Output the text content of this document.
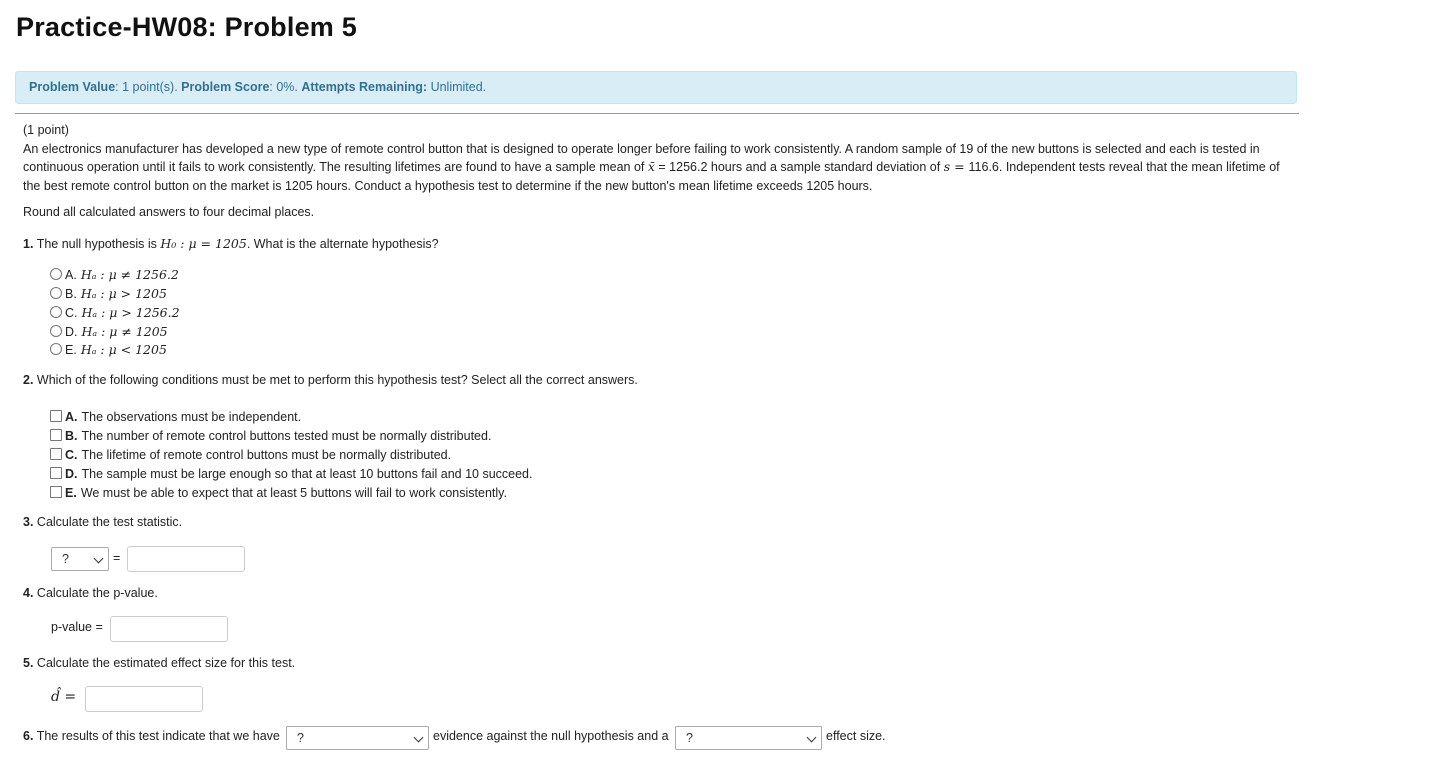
Practice-HW08: Problem 5
Problem Value: 1 point(s). Problem Score: 0%. Attempts Remaining: Unlimited.

(1 point)

An electronics manufacturer has developed a new type of remote control button that is designed to operate longer before failing to work consistently. A random sample of 19 of the new buttons is selected and each is tested in continuous operation until it fails to work consistently. The resulting lifetimes are found to have a sample mean of x̄ = 1256.2 hours and a sample standard deviation of s = 116.6. Independent tests reveal that the mean lifetime of the best remote control button on the market is 1205 hours. Conduct a hypothesis test to determine if the new button's mean lifetime exceeds 1205 hours.

Round all calculated answers to four decimal places.
1. The null hypothesis is H₀ : μ = 1205. What is the alternate hypothesis?
A. Hₐ : μ ≠ 1256.2
B. Hₐ : μ > 1205
C. Hₐ : μ > 1256.2
D. Hₐ : μ ≠ 1205
E. Hₐ : μ < 1205
2. Which of the following conditions must be met to perform this hypothesis test? Select all the correct answers.
A. The observations must be independent.
B. The number of remote control buttons tested must be normally distributed.
C. The lifetime of remote control buttons must be normally distributed.
D. The sample must be large enough so that at least 10 buttons fail and 10 succeed.
E. We must be able to expect that at least 5 buttons will fail to work consistently.
3. Calculate the test statistic.
?	=
4. Calculate the p-value.
p-value =
5. Calculate the estimated effect size for this test.
d̂ =
6. The results of this test indicate that we have	?	evidence against the null hypothesis and a	?	effect size.
